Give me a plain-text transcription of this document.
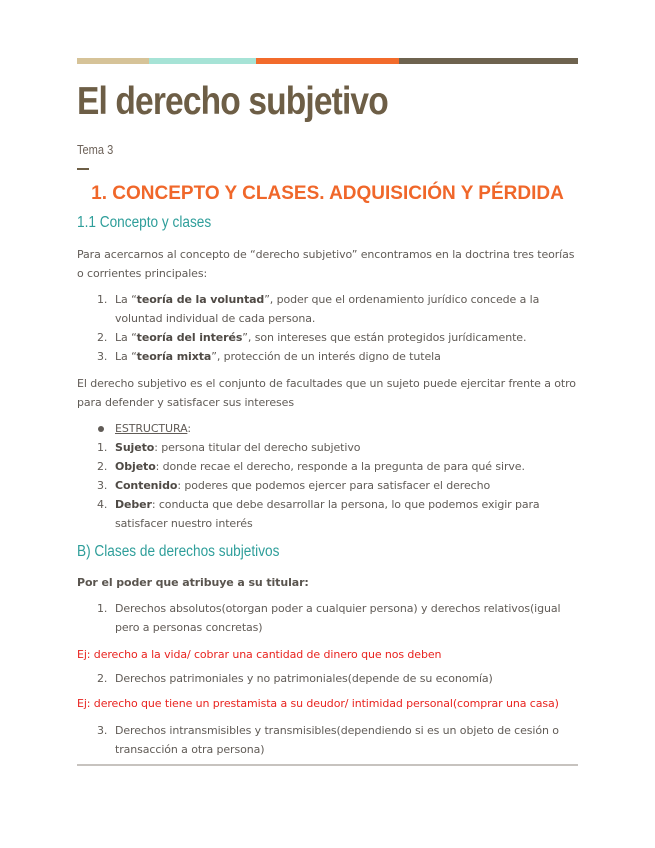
El derecho subjetivo
Tema 3
1. CONCEPTO Y CLASES. ADQUISICIÓN Y PÉRDIDA
1.1 Concepto y clases

Para acercarnos al concepto de “derecho subjetivo” encontramos en la doctrina tres teorías o corrientes principales:

1. La “teoría de la voluntad”, poder que el ordenamiento jurídico concede a la voluntad individual de cada persona.
2. La “teoría del interés”, son intereses que están protegidos jurídicamente.
3. La “teoría mixta”, protección de un interés digno de tutela

El derecho subjetivo es el conjunto de facultades que un sujeto puede ejercitar frente a otro para defender y satisfacer sus intereses

ESTRUCTURA:
1. Sujeto: persona titular del derecho subjetivo
2. Objeto: donde recae el derecho, responde a la pregunta de para qué sirve.
3. Contenido: poderes que podemos ejercer para satisfacer el derecho
4. Deber: conducta que debe desarrollar la persona, lo que podemos exigir para satisfacer nuestro interés
B) Clases de derechos subjetivos

Por el poder que atribuye a su titular:

1. Derechos absolutos(otorgan poder a cualquier persona) y derechos relativos(igual pero a personas concretas)

Ej: derecho a la vida/ cobrar una cantidad de dinero que nos deben

2. Derechos patrimoniales y no patrimoniales(depende de su economía)

Ej: derecho que tiene un prestamista a su deudor/ intimidad personal(comprar una casa)

3. Derechos intransmisibles y transmisibles(dependiendo si es un objeto de cesión o transacción a otra persona)
